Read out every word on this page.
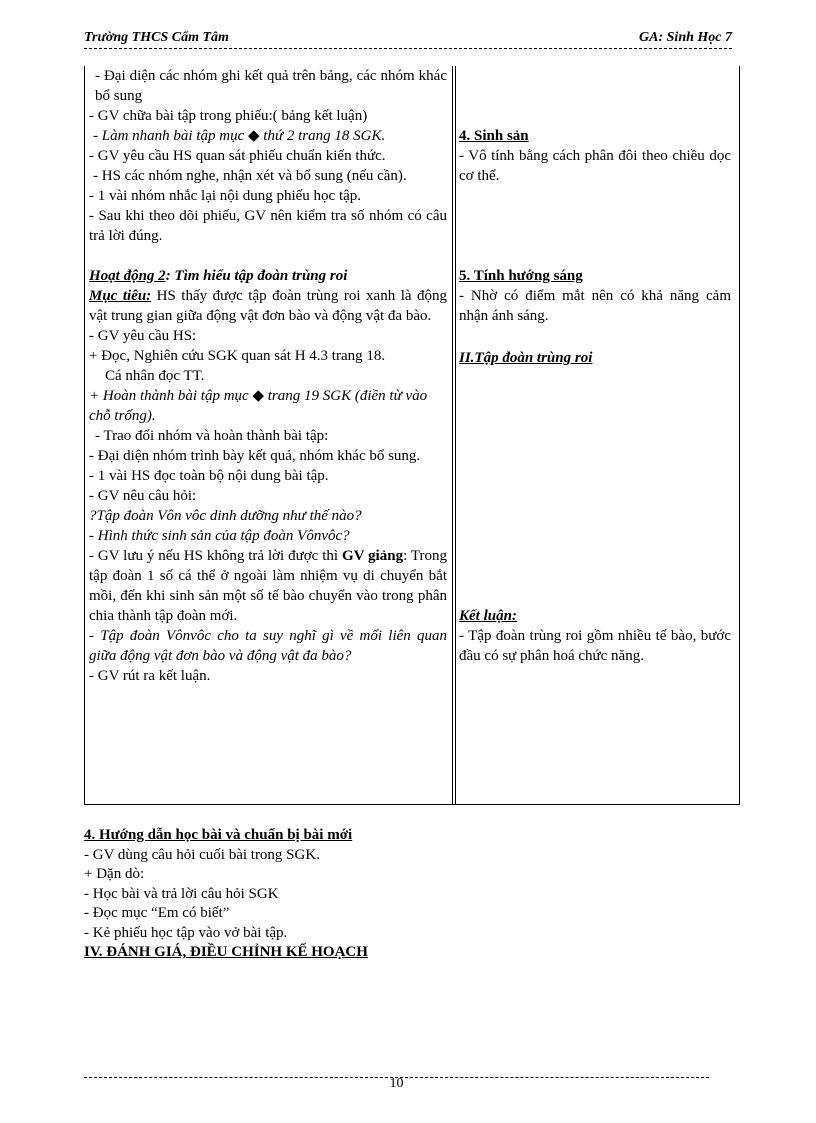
Trường THCS Cẩm Tâm	GA: Sinh Học 7

- Đại diện các nhóm ghi kết quả trên bảng, các nhóm khác bổ sung

- GV chữa bài tập trong phiếu:( bảng kết luận)

- Làm nhanh bài tập mục ◆ thứ 2 trang 18 SGK.

- GV yêu cầu HS quan sát phiếu chuẩn kiến thức.

- HS các nhóm nghe, nhận xét và bổ sung (nếu cần).

- 1 vài nhóm nhắc lại nội dung phiếu học tập.

- Sau khi theo dõi phiếu, GV nên kiểm tra số nhóm có câu trả lời đúng.

Hoạt động 2: Tìm hiểu tập đoàn trùng roi

Mục tiêu: HS thấy được tập đoàn trùng roi xanh là động vật trung gian giữa động vật đơn bào và động vật đa bào.

- GV yêu cầu HS:

+ Đọc, Nghiên cứu SGK quan sát H 4.3 trang 18.

Cá nhân đọc TT.

+ Hoàn thành bài tập mục ◆ trang 19 SGK (điền từ vào chỗ trống).

- Trao đổi nhóm và hoàn thành bài tập:

- Đại diện nhóm trình bày kết quả, nhóm khác bổ sung.

- 1 vài HS đọc toàn bộ nội dung bài tập.

- GV nêu câu hỏi:

?Tập đoàn Vôn vôc dinh dưỡng như thế nào?

- Hình thức sinh sản của tập đoàn Vônvôc?

- GV lưu ý nếu HS không trả lời được thì GV giảng: Trong tập đoàn 1 số cá thể ở ngoài làm nhiệm vụ di chuyển bắt mồi, đến khi sinh sản một số tế bào chuyển vào trong phân chia thành tập đoàn mới.

- Tập đoàn Vônvôc cho ta suy nghĩ gì về mối liên quan giữa động vật đơn bào và động vật đa bào?

- GV rút ra kết luận.

4. Sinh sản

- Vô tính bằng cách phân đôi theo chiều dọc cơ thể.

5. Tính hướng sáng

- Nhờ có điểm mắt nên có khả năng cảm nhận ánh sáng.

II.Tập đoàn trùng roi

Kết luận:

- Tập đoàn trùng roi gồm nhiều tế bào, bước đầu có sự phân hoá chức năng.

4. Hướng dẫn học bài và chuẩn bị bài mới

- GV dùng câu hỏi cuối bài trong SGK.

+ Dặn dò:

- Học bài và trả lời câu hỏi SGK

- Đọc mục “Em có biết”

- Kẻ phiếu học tập vào vở bài tập.

IV. ĐÁNH GIÁ, ĐIỀU CHỈNH KẾ HOẠCH

10
